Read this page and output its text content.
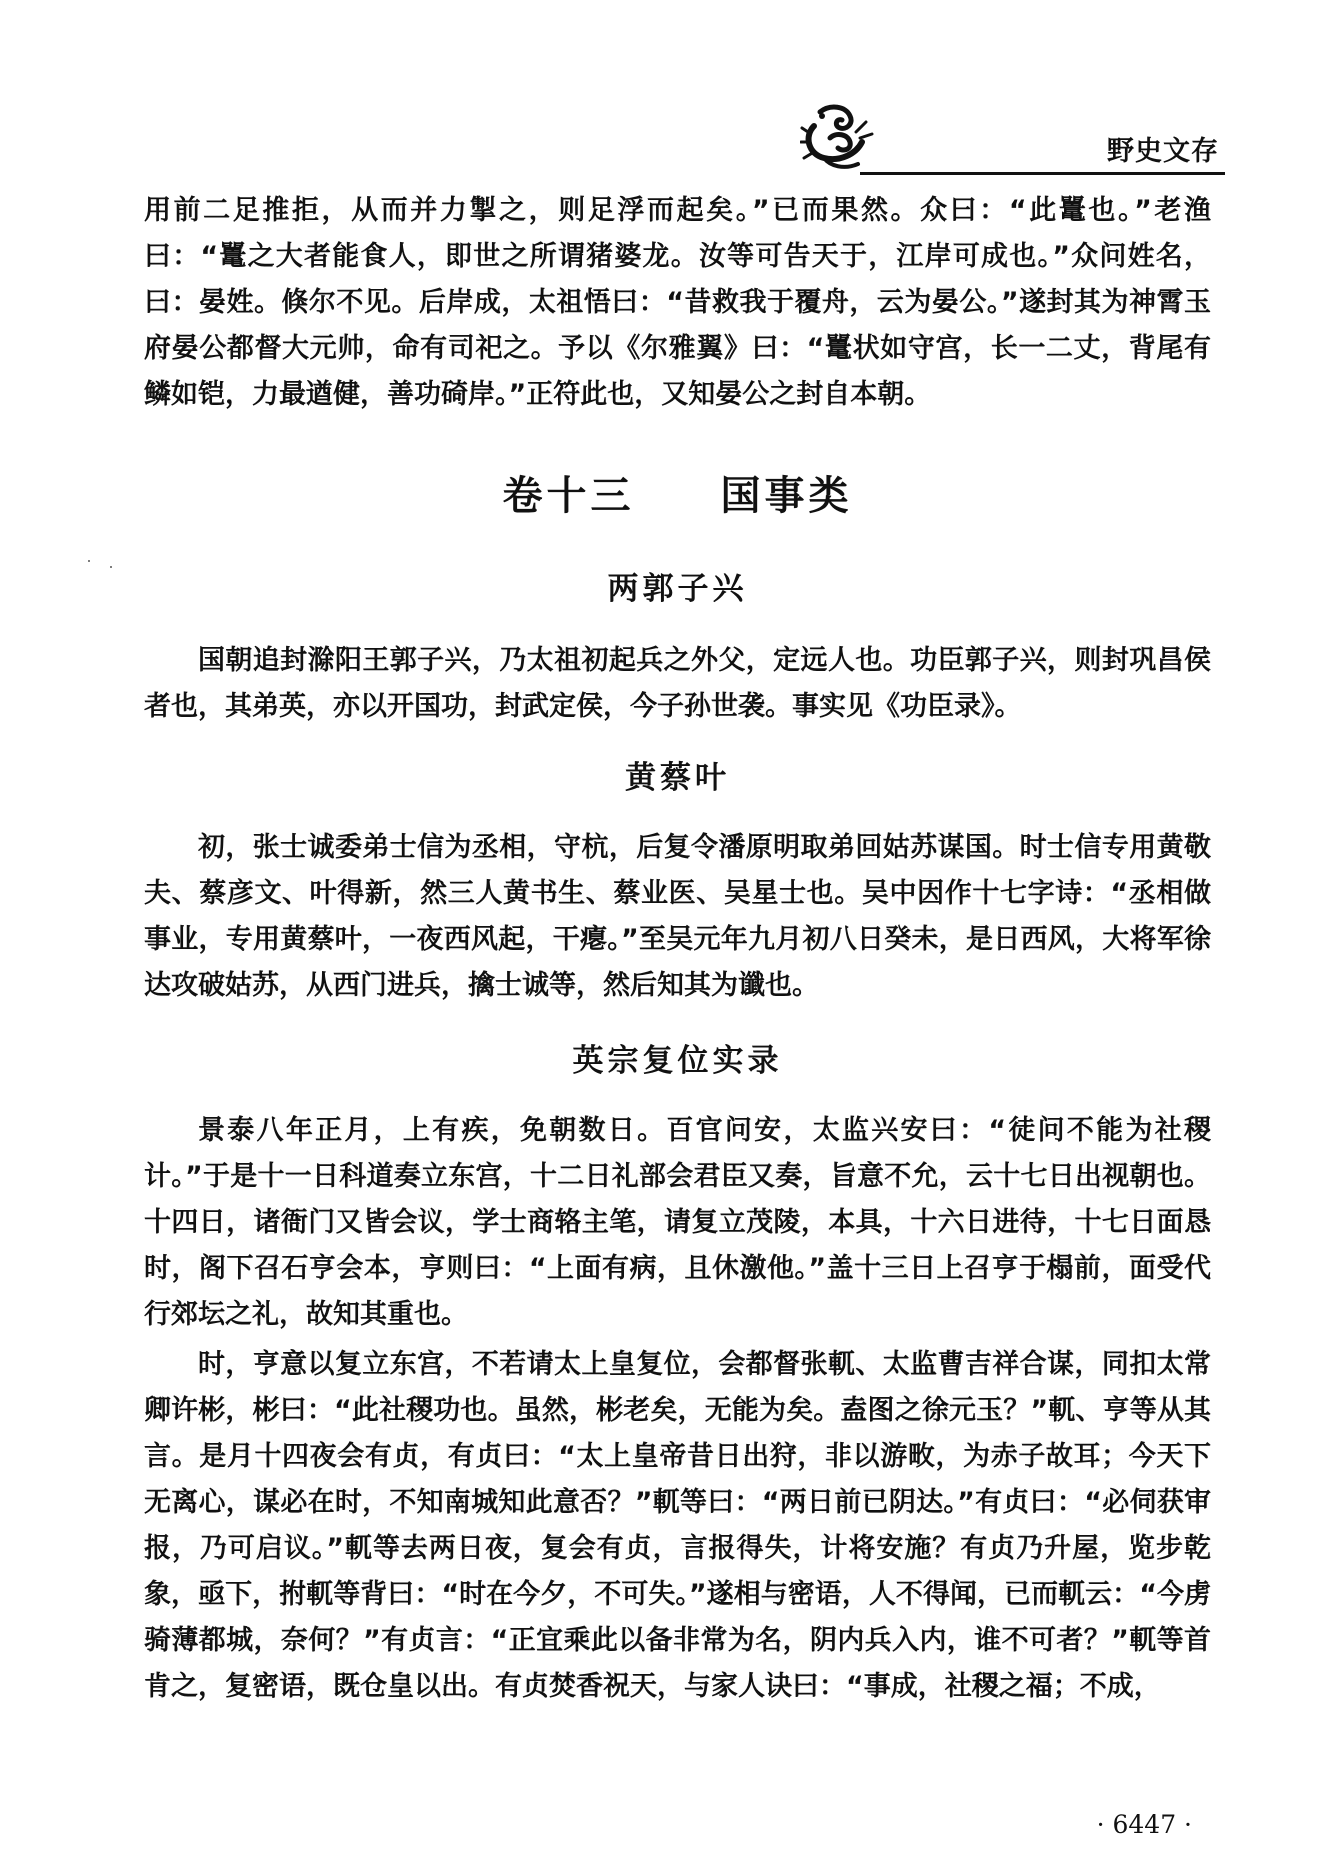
野史文存

用前二足推拒，从而并力掣之，则足浮而起矣。”已而果然。众曰：“此鼍也。”老渔曰：“鼍之大者能食人，即世之所谓猪婆龙。汝等可告天于，江岸可成也。”众问姓名，曰：晏姓。倏尔不见。后岸成，太祖悟曰：“昔救我于覆舟，云为晏公。”遂封其为神霄玉府晏公都督大元帅，命有司祀之。予以《尔雅翼》曰：“鼍状如守宫，长一二丈，背尾有鳞如铠，力最遒健，善功碕岸。”正符此也，又知晏公之封自本朝。

卷十三 国事类
两郭子兴

国朝追封滁阳王郭子兴，乃太祖初起兵之外父，定远人也。功臣郭子兴，则封巩昌侯者也，其弟英，亦以开国功，封武定侯，今子孙世袭。事实见《功臣录》。

黄蔡叶

初，张士诚委弟士信为丞相，守杭，后复令潘原明取弟回姑苏谋国。时士信专用黄敬夫、蔡彦文、叶得新，然三人黄书生、蔡业医、吴星士也。吴中因作十七字诗：“丞相做事业，专用黄蔡叶，一夜西风起，干瘪。”至吴元年九月初八日癸未，是日西风，大将军徐达攻破姑苏，从西门进兵，擒士诚等，然后知其为谶也。

英宗复位实录

景泰八年正月，上有疾，免朝数日。百官问安，太监兴安曰：“徒问不能为社稷计。”于是十一日科道奏立东宫，十二日礼部会君臣又奏，旨意不允，云十七日出视朝也。十四日，诸衙门又皆会议，学士商辂主笔，请复立茂陵，本具，十六日进待，十七日面恳时，阁下召石亨会本，亨则曰：“上面有病，且休激他。”盖十三日上召亨于榻前，面受代行郊坛之礼，故知其重也。

时，亨意以复立东宫，不若请太上皇复位，会都督张軏、太监曹吉祥合谋，同扣太常卿许彬，彬曰：“此社稷功也。虽然，彬老矣，无能为矣。盍图之徐元玉？”軏、亨等从其言。是月十四夜会有贞，有贞曰：“太上皇帝昔日出狩，非以游畋，为赤子故耳；今天下无离心，谋必在时，不知南城知此意否？”軏等曰：“两日前已阴达。”有贞曰：“必伺获审报，乃可启议。”軏等去两日夜，复会有贞，言报得失，计将安施？有贞乃升屋，览步乾象，亟下，拊軏等背曰：“时在今夕，不可失。”遂相与密语，人不得闻，已而軏云：“今虏骑薄都城，奈何？”有贞言：“正宜乘此以备非常为名，阴内兵入内，谁不可者？”軏等首肯之，复密语，既仓皇以出。有贞焚香祝天，与家人诀曰：“事成，社稷之福；不成，

· 6447 ·
